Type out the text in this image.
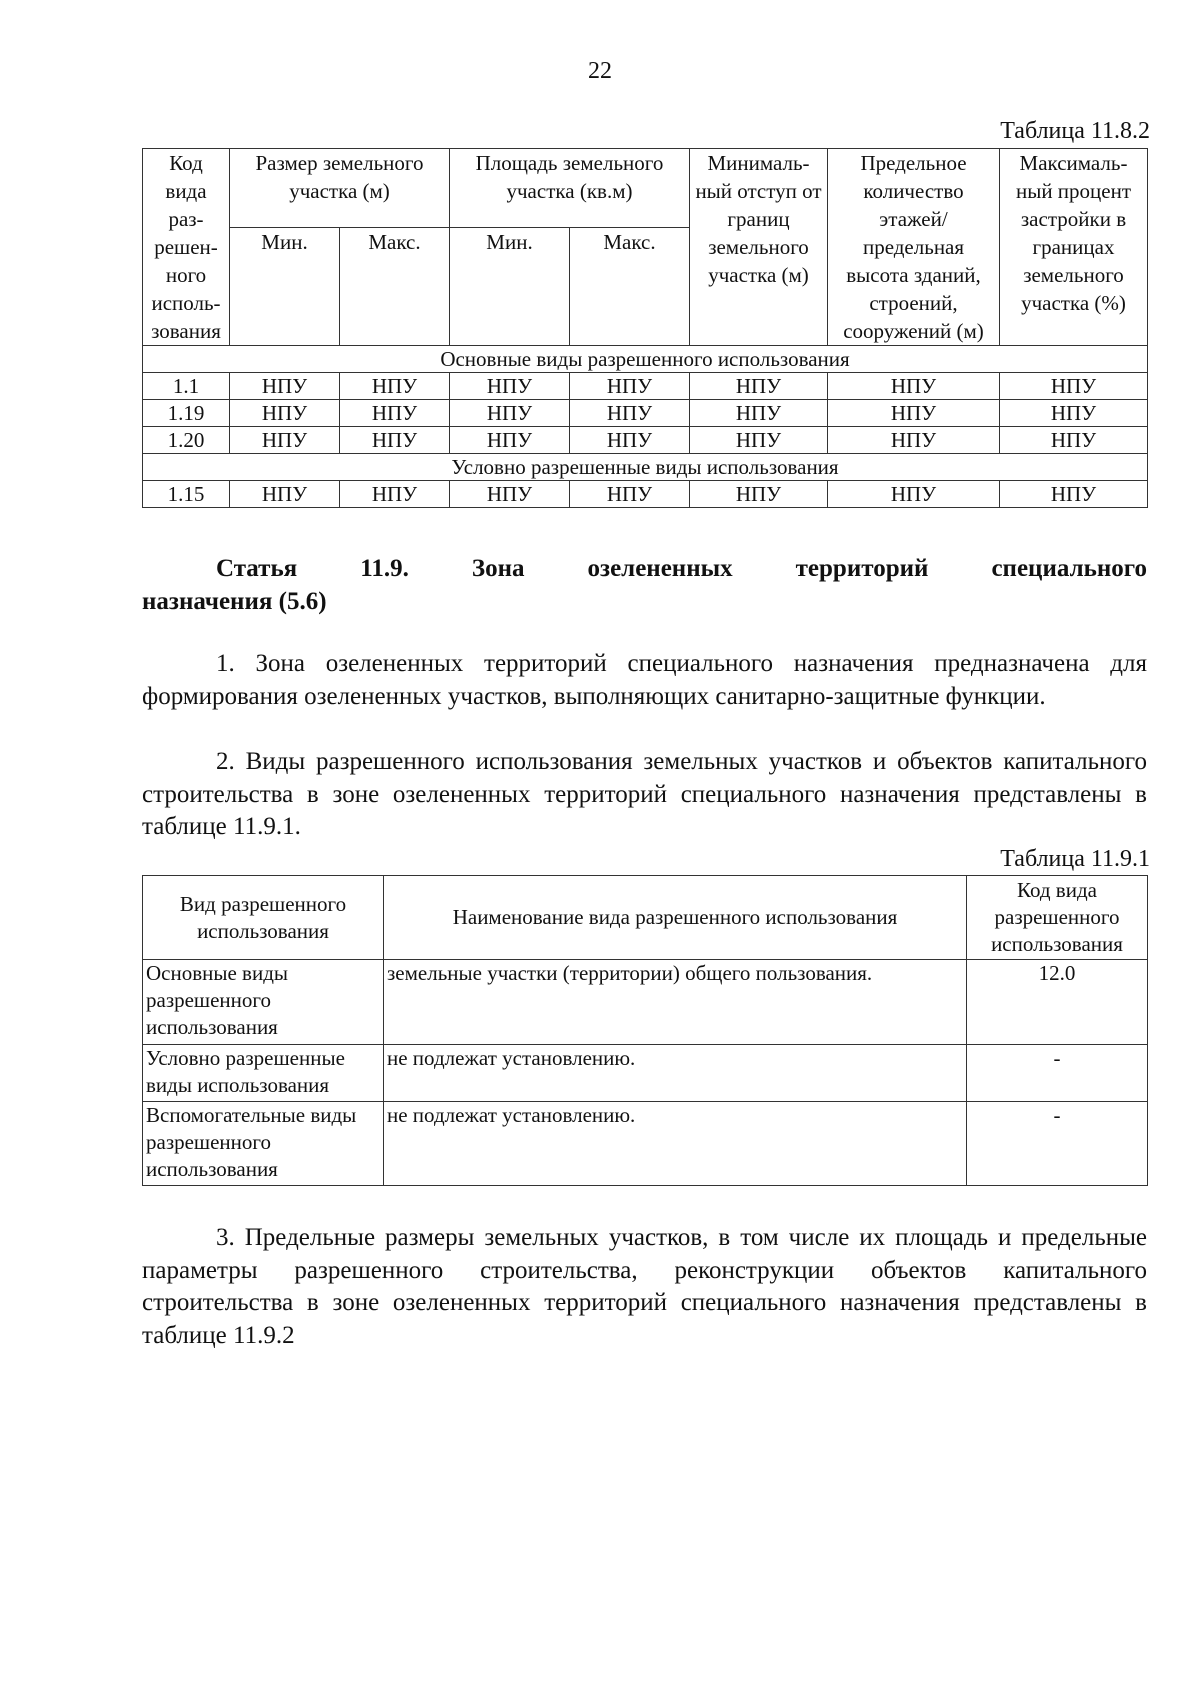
22
Таблица 11.8.2
Код вида раз- решен- ного исполь- зования	Размер земельного участка (м)		Площадь земельного участка (кв.м)		Минималь- ный отступ от границ земельного участка (м)	Предельное количество этажей/ предельная высота зданий, строений, сооружений (м)	Максималь- ный процент застройки в границах земельного участка (%)
	Мин.	Макс.	Мин.	Макс.			
Основные виды разрешенного использования							
1.1	НПУ	НПУ	НПУ	НПУ	НПУ	НПУ	НПУ
1.19	НПУ	НПУ	НПУ	НПУ	НПУ	НПУ	НПУ
1.20	НПУ	НПУ	НПУ	НПУ	НПУ	НПУ	НПУ
Условно разрешенные виды использования							
1.15	НПУ	НПУ	НПУ	НПУ	НПУ	НПУ	НПУ
Статья	11.9.	Зона	озелененных	территорий	специального
назначения (5.6)
1. Зона озелененных территорий специального назначения предназначена для формирования озелененных участков, выполняющих санитарно-защитные функции.
2. Виды разрешенного использования земельных участков и объектов капитального строительства в зоне озелененных территорий специального назначения представлены в таблице 11.9.1.
Таблица 11.9.1
Вид разрешенного использования	Наименование вида разрешенного использования	Код вида разрешенного использования
Основные виды разрешенного использования	земельные участки (территории) общего пользования.	12.0
Условно разрешенные виды использования	не подлежат установлению.	-
Вспомогательные виды разрешенного использования	не подлежат установлению.	-
3. Предельные размеры земельных участков, в том числе их площадь и предельные параметры разрешенного строительства, реконструкции объектов капитального строительства в зоне озелененных территорий специального назначения представлены в таблице 11.9.2
